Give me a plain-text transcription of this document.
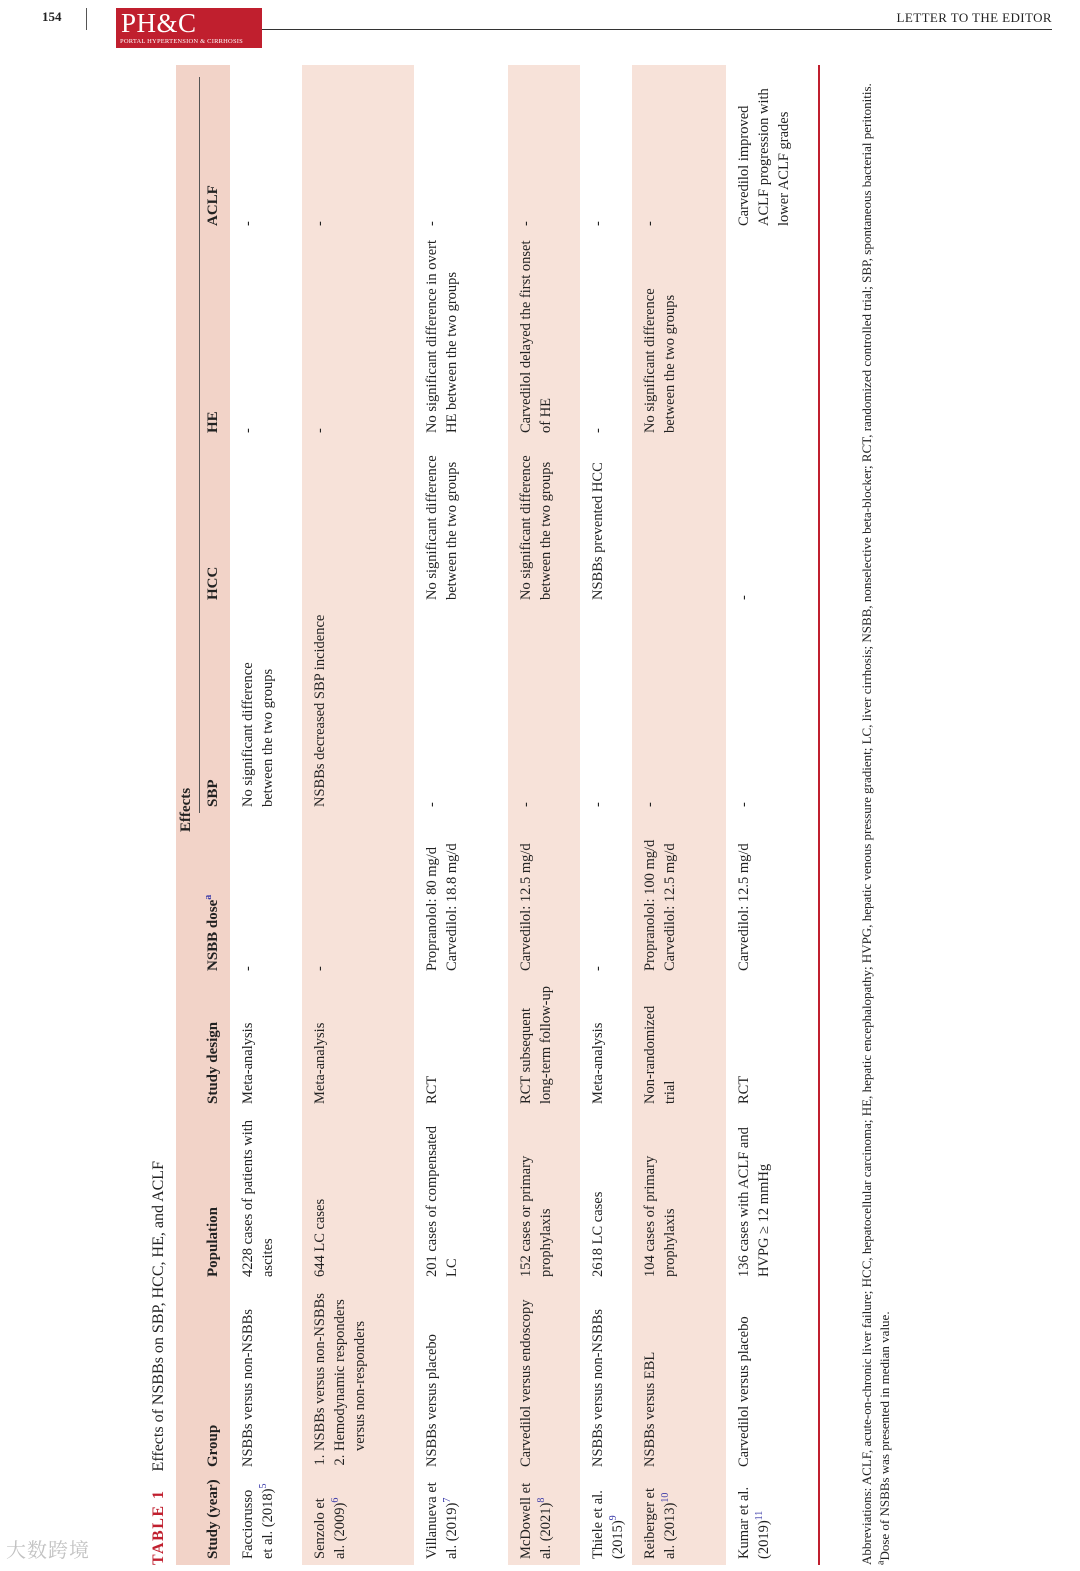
154 PH&C
PORTAL HYPERTENSION & CIRRHOSIS
LETTER TO THE EDITOR
TABLE 1 Effects of NSBBs on SBP, HCC, HE, and ACLF
Effects
Study (year)
Group
Population
Study design
NSBB dose$^a$
SBP
HCC
HE
ACLF
Facciorusso et al. $(2018)^5$
NSBBs versus non-NSBBs
4228 cases of patients with ascites
Meta-analysis
-
No significant difference between the two groups
-
-
Senzolo et al. $(2009)^6$
1. NSBBs versus non-NSBBs
2. Hemodynamic responders versus non-responders
644 LC cases
Meta-analysis
-
NSBBs decreased SBP incidence
-
-
Villanueva et al. $(2019)^7$
NSBBs versus placebo
201 cases of compensated LC
RCT
Propranolol: 80 mg/d Carvedilol: 18.8 mg/d
-
No significant difference between the two groups
No significant difference in overt HE between the two groups
-
McDowell et al. $(2021)^8$
Carvedilol versus endoscopy
152 cases or primary prophylaxis
RCT subsequent long-term follow-up
Carvedilol: 12.5 mg/d
-
No significant difference between the two groups
Carvedilol delayed the first onset of HE
-
Thiele et al. $(2015)^9$
NSBBs versus non-NSBBs
2618 LC cases
Meta-analysis
-
-
NSBBs prevented HCC
-
-
Reiberger et al. $(2013)^{10}$
NSBBs versus EBL
104 cases of primary prophylaxis
Non-randomized trial
Propranolol: 100 mg/d Carvedilol: 12.5 mg/d
-
No significant difference between the two groups
-
Kumar et al. $(2019)^{11}$
Carvedilol versus placebo
136 cases with ACLF and HVPG ≥ 12 mmHg
RCT
Carvedilol: 12.5 mg/d
-
-
Carvedilol improved ACLF progression with lower ACLF grades	Abbreviations: ACLF, acute-on-chronic liver failure; HCC, hepatocellular carcinoma; HE, hepatic encephalopathy; HVPG, hepatic venous pressure gradient; LC, liver cirrhosis; NSBB, nonselective beta-blocker; RCT, randomized controlled trial; SBP, spontaneous bacterial peritonitis. $^a$Dose of NSBBs was presented in median value.
大数跨境
